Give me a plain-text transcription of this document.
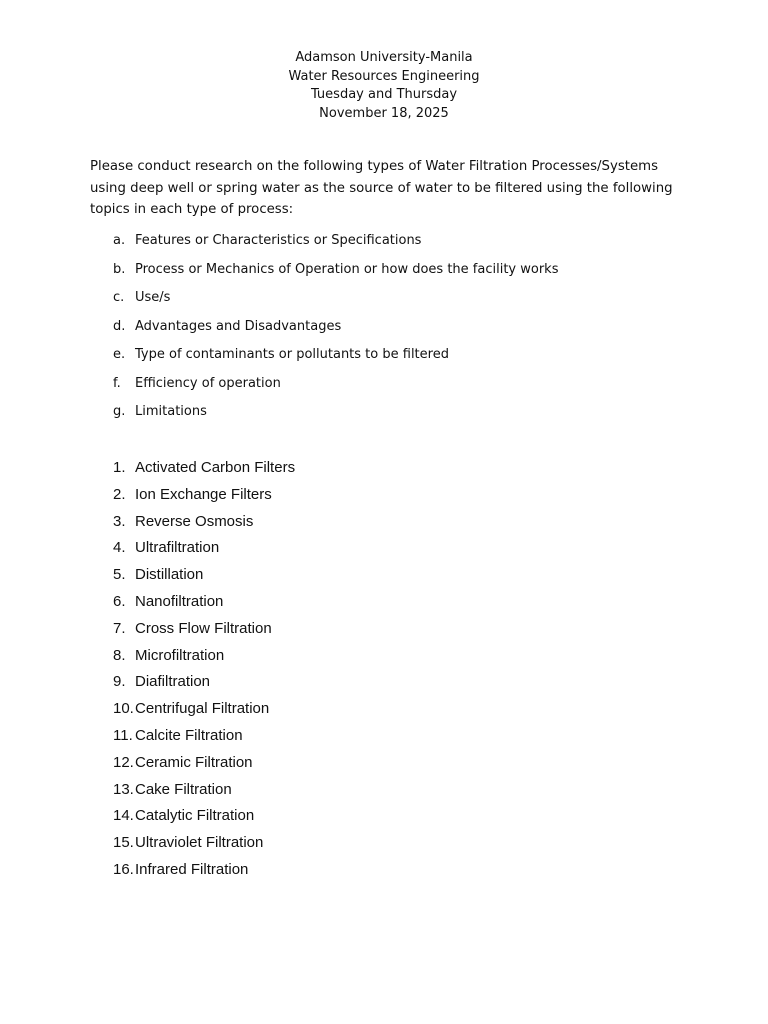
Adamson University-Manila
Water Resources Engineering
Tuesday and Thursday
November 18, 2025

Please conduct research on the following types of Water Filtration Processes/Systems using deep well or spring water as the source of water to be filtered using the following topics in each type of process:

a. Features or Characteristics or Specifications
b. Process or Mechanics of Operation or how does the facility works
c. Use/s
d. Advantages and Disadvantages
e. Type of contaminants or pollutants to be filtered
f. Efficiency of operation
g. Limitations
1. Activated Carbon Filters
2. Ion Exchange Filters
3. Reverse Osmosis
4. Ultrafiltration
5. Distillation
6. Nanofiltration
7. Cross Flow Filtration
8. Microfiltration
9. Diafiltration
10.Centrifugal Filtration
11. Calcite Filtration
12.Ceramic Filtration
13.Cake Filtration
14.Catalytic Filtration
15.Ultraviolet Filtration
16.Infrared Filtration
